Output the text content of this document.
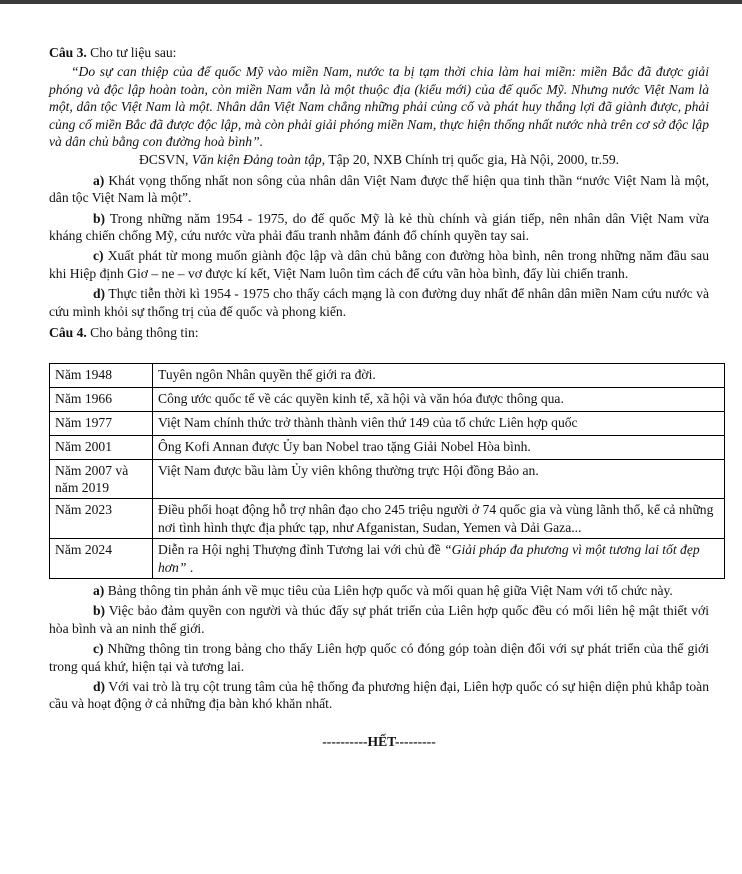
Câu 3. Cho tư liệu sau:

“Do sự can thiệp của đế quốc Mỹ vào miền Nam, nước ta bị tạm thời chia làm hai miền: miền Bắc đã được giải phóng và độc lập hoàn toàn, còn miền Nam vẫn là một thuộc địa (kiểu mới) của đế quốc Mỹ. Nhưng nước Việt Nam là một, dân tộc Việt Nam là một. Nhân dân Việt Nam chẳng những phải củng cố và phát huy thắng lợi đã giành được, phải củng cố miền Bắc đã được độc lập, mà còn phải giải phóng miền Nam, thực hiện thống nhất nước nhà trên cơ sở độc lập và dân chủ bằng con đường hoà bình”.

ĐCSVN, Văn kiện Đảng toàn tập, Tập 20, NXB Chính trị quốc gia, Hà Nội, 2000, tr.59.

a) Khát vọng thống nhất non sông của nhân dân Việt Nam được thể hiện qua tinh thần “nước Việt Nam là một, dân tộc Việt Nam là một”.

b) Trong những năm 1954 - 1975, do đế quốc Mỹ là kẻ thù chính và gián tiếp, nên nhân dân Việt Nam vừa kháng chiến chống Mỹ, cứu nước vừa phải đấu tranh nhằm đánh đổ chính quyền tay sai.

c) Xuất phát từ mong muốn giành độc lập và dân chủ bằng con đường hòa bình, nên trong những năm đầu sau khi Hiệp định Giơ – ne – vơ được kí kết, Việt Nam luôn tìm cách để cứu vãn hòa bình, đấy lùi chiến tranh.

d) Thực tiễn thời kì 1954 - 1975 cho thấy cách mạng là con đường duy nhất để nhân dân miền Nam cứu nước và cứu mình khỏi sự thống trị của đế quốc và phong kiến.

Câu 4. Cho bảng thông tin:

Năm 1948	Tuyên ngôn Nhân quyền thế giới ra đời.
Năm 1966	Công ước quốc tế về các quyền kinh tế, xã hội và văn hóa được thông qua.
Năm 1977	Việt Nam chính thức trở thành thành viên thứ 149 của tổ chức Liên hợp quốc
Năm 2001	Ông Kofi Annan được Ủy ban Nobel trao tặng Giải Nobel Hòa bình.
Năm 2007 và năm 2019	Việt Nam được bầu làm Ủy viên không thường trực Hội đồng Bảo an.
Năm 2023	Điều phối hoạt động hỗ trợ nhân đạo cho 245 triệu người ở 74 quốc gia và vùng lãnh thổ, kể cả những nơi tình hình thực địa phức tạp, như Afganistan, Sudan, Yemen và Dải Gaza...
Năm 2024	Diễn ra Hội nghị Thượng đỉnh Tương lai với chủ đề “Giải pháp đa phương vì một tương lai tốt đẹp hơn” .

a) Bảng thông tin phản ánh về mục tiêu của Liên hợp quốc và mối quan hệ giữa Việt Nam với tổ chức này.

b) Việc bảo đảm quyền con người và thúc đẩy sự phát triển của Liên hợp quốc đều có mối liên hệ mật thiết với hòa bình và an ninh thế giới.

c) Những thông tin trong bảng cho thấy Liên hợp quốc có đóng góp toàn diện đối với sự phát triển của thế giới trong quá khứ, hiện tại và tương lai.

d) Với vai trò là trụ cột trung tâm của hệ thống đa phương hiện đại, Liên hợp quốc có sự hiện diện phủ khắp toàn cầu và hoạt động ở cả những địa bàn khó khăn nhất.

----------HẾT---------
